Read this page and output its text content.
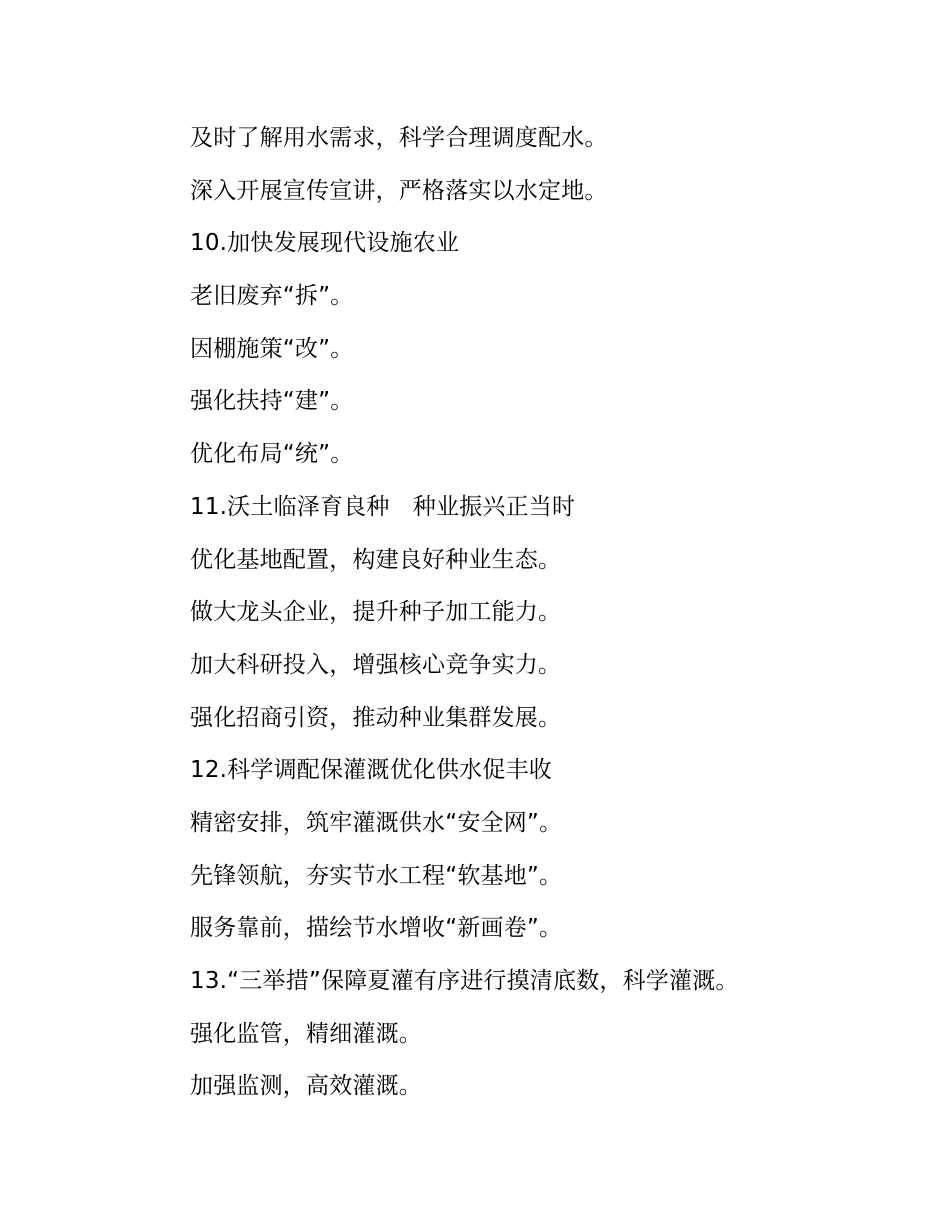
及时了解用水需求，科学合理调度配水。
深入开展宣传宣讲，严格落实以水定地。
10.加快发展现代设施农业
老旧废弃“拆”。
因棚施策“改”。
强化扶持“建”。
优化布局“统”。
11.沃土临泽育良种　种业振兴正当时
优化基地配置，构建良好种业生态。
做大龙头企业，提升种子加工能力。
加大科研投入，增强核心竞争实力。
强化招商引资，推动种业集群发展。
12.科学调配保灌溉优化供水促丰收
精密安排，筑牢灌溉供水“安全网”。
先锋领航，夯实节水工程“软基地”。
服务靠前，描绘节水增收“新画卷”。
13.“三举措”保障夏灌有序进行摸清底数，科学灌溉。
强化监管，精细灌溉。
加强监测，高效灌溉。
